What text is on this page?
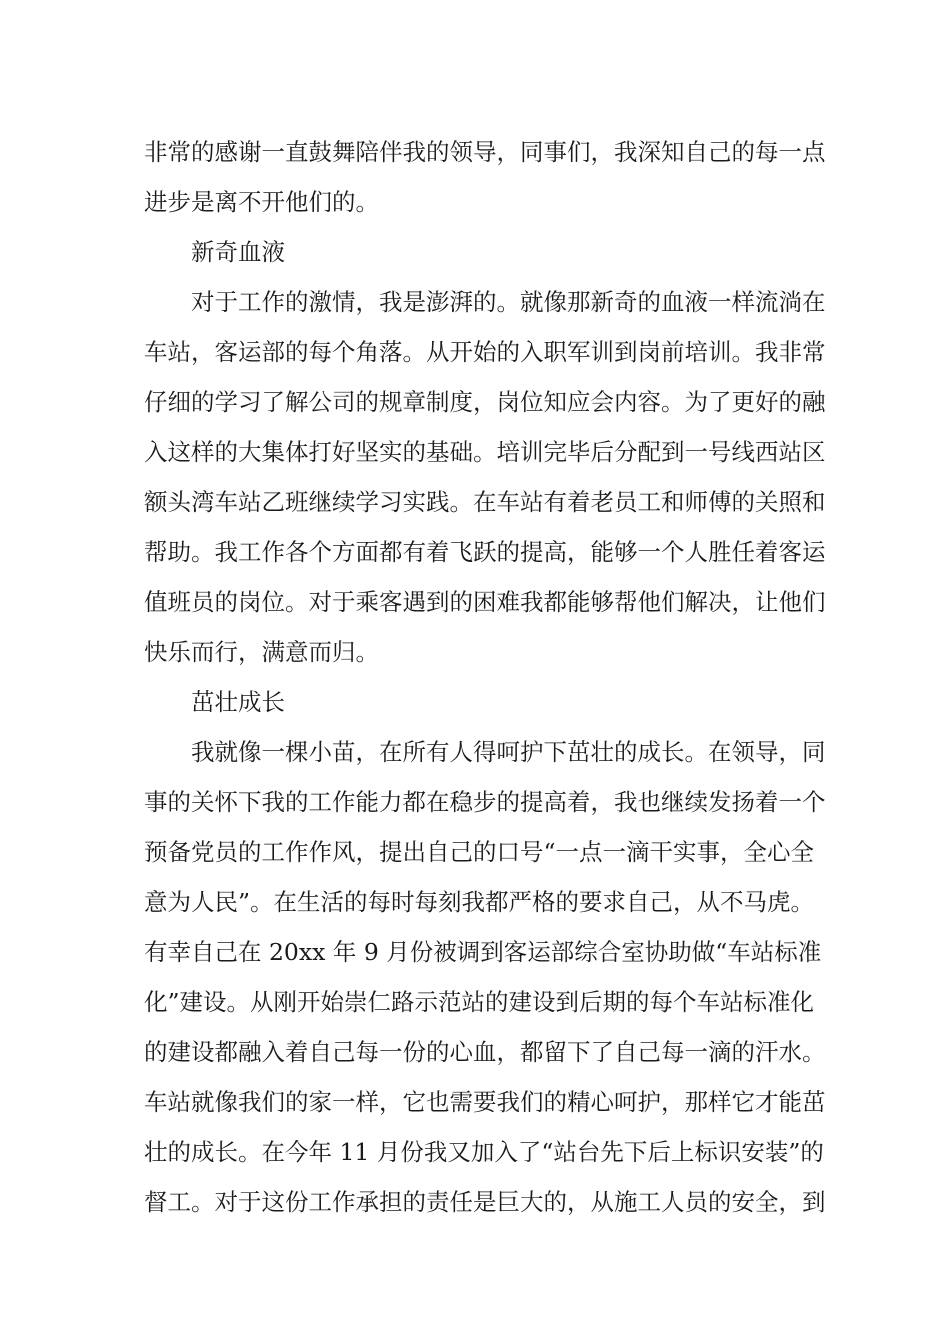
非常的感谢一直鼓舞陪伴我的领导，同事们，我深知自己的每一点
进步是离不开他们的。
新奇血液
对于工作的激情，我是澎湃的。就像那新奇的血液一样流淌在
车站，客运部的每个角落。从开始的入职军训到岗前培训。我非常
仔细的学习了解公司的规章制度，岗位知应会内容。为了更好的融
入这样的大集体打好坚实的基础。培训完毕后分配到一号线西站区
额头湾车站乙班继续学习实践。在车站有着老员工和师傅的关照和
帮助。我工作各个方面都有着飞跃的提高，能够一个人胜任着客运
值班员的岗位。对于乘客遇到的困难我都能够帮他们解决，让他们
快乐而行，满意而归。
茁壮成长
我就像一棵小苗，在所有人得呵护下茁壮的成长。在领导，同
事的关怀下我的工作能力都在稳步的提高着，我也继续发扬着一个
预备党员的工作作风，提出自己的口号“一点一滴干实事，全心全
意为人民”。在生活的每时每刻我都严格的要求自己，从不马虎。
有幸自己在 20xx 年 9 月份被调到客运部综合室协助做“车站标准
化”建设。从刚开始崇仁路示范站的建设到后期的每个车站标准化
的建设都融入着自己每一份的心血，都留下了自己每一滴的汗水。
车站就像我们的家一样，它也需要我们的精心呵护，那样它才能茁
壮的成长。在今年 11 月份我又加入了“站台先下后上标识安装”的
督工。对于这份工作承担的责任是巨大的，从施工人员的安全，到
